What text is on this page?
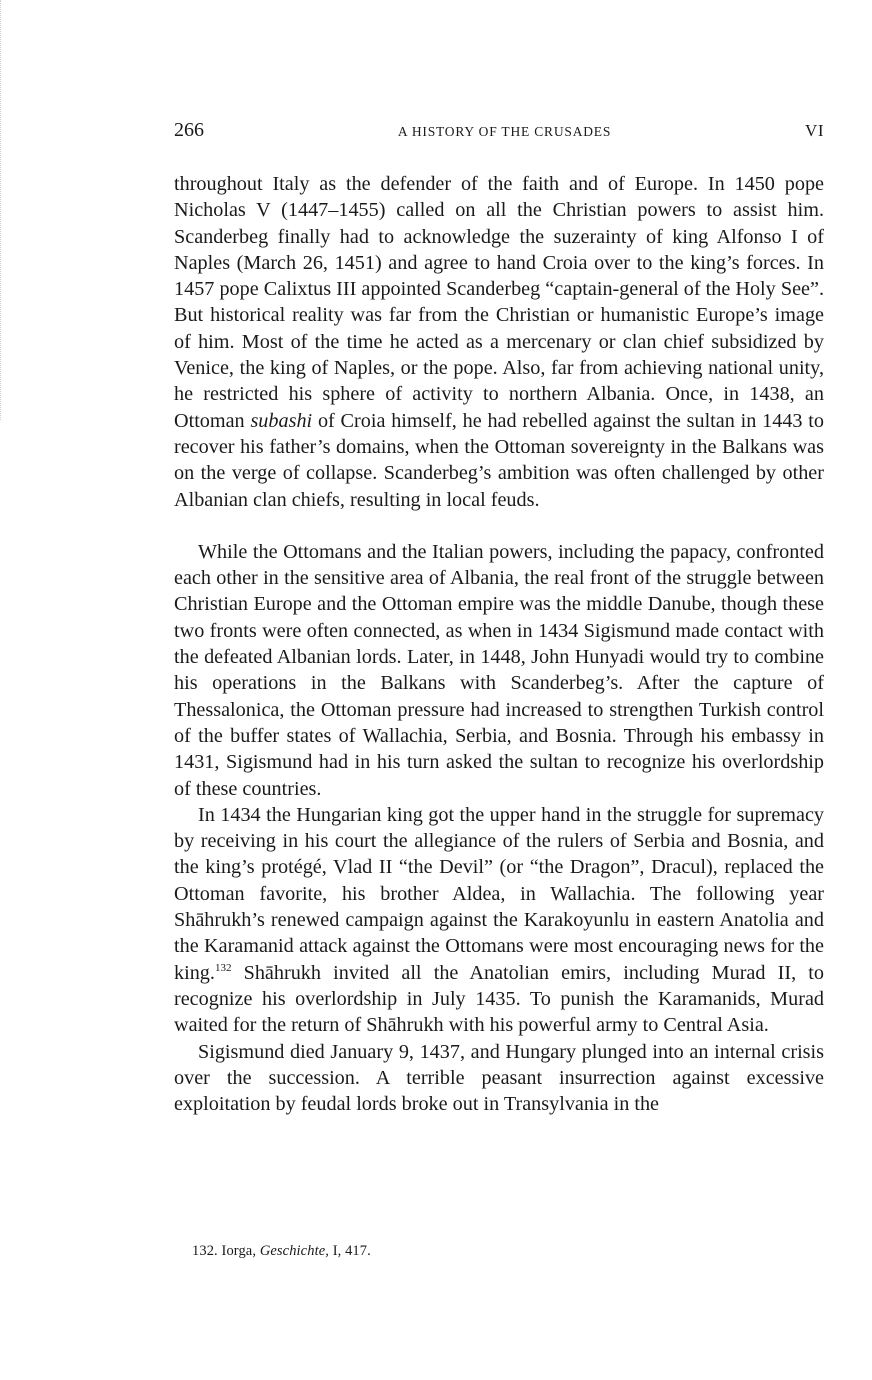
266	A HISTORY OF THE CRUSADES	VI

throughout Italy as the defender of the faith and of Europe. In 1450 pope Nicholas V (1447–1455) called on all the Christian powers to assist him. Scanderbeg finally had to acknowledge the suzerainty of king Alfonso I of Naples (March 26, 1451) and agree to hand Croia over to the king’s forces. In 1457 pope Calixtus III appointed Scanderbeg “captain-general of the Holy See”. But historical reality was far from the Christian or humanistic Europe’s image of him. Most of the time he acted as a mercenary or clan chief subsidized by Venice, the king of Naples, or the pope. Also, far from achieving national unity, he restricted his sphere of activity to northern Albania. Once, in 1438, an Ottoman subashi of Croia himself, he had rebelled against the sultan in 1443 to recover his father’s domains, when the Ottoman sovereignty in the Balkans was on the verge of collapse. Scanderbeg’s ambition was often challenged by other Albanian clan chiefs, resulting in local feuds.

While the Ottomans and the Italian powers, including the papacy, confronted each other in the sensitive area of Albania, the real front of the struggle between Christian Europe and the Ottoman empire was the middle Danube, though these two fronts were often connected, as when in 1434 Sigismund made contact with the defeated Albanian lords. Later, in 1448, John Hunyadi would try to combine his operations in the Balkans with Scanderbeg’s. After the capture of Thessalonica, the Ottoman pressure had increased to strengthen Turkish control of the buffer states of Wallachia, Serbia, and Bosnia. Through his embassy in 1431, Sigismund had in his turn asked the sultan to recognize his overlordship of these countries.

In 1434 the Hungarian king got the upper hand in the struggle for supremacy by receiving in his court the allegiance of the rulers of Serbia and Bosnia, and the king’s protégé, Vlad II “the Devil” (or “the Dragon”, Dracul), replaced the Ottoman favorite, his brother Aldea, in Wallachia. The following year Shāhrukh’s renewed campaign against the Karakoyunlu in eastern Anatolia and the Karamanid attack against the Ottomans were most encouraging news for the king.$^{132}$ Shāhrukh invited all the Anatolian emirs, including Murad II, to recognize his overlordship in July 1435. To punish the Karamanids, Murad waited for the return of Shāhrukh with his powerful army to Central Asia.

Sigismund died January 9, 1437, and Hungary plunged into an internal crisis over the succession. A terrible peasant insurrection against excessive exploitation by feudal lords broke out in Transylvania in the

132. Iorga, Geschichte, I, 417.
